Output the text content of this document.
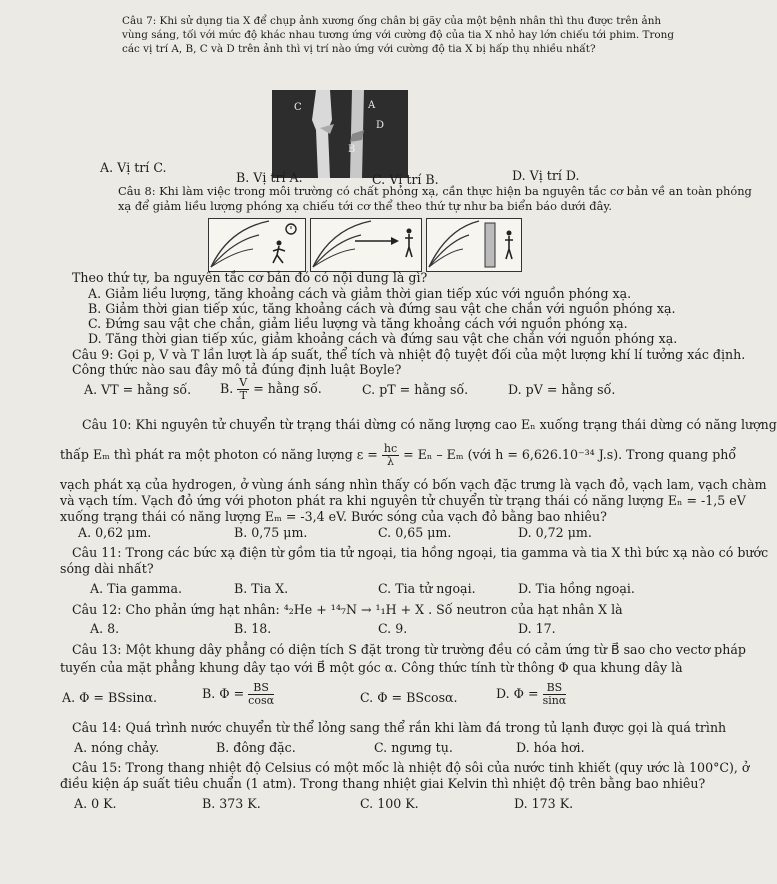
Câu 7: Khi sử dụng tia X để chụp ảnh xương ống chân bị gãy của một bệnh nhân thì thu được trên ảnh
vùng sáng, tối với mức độ khác nhau tương ứng với cường độ của tia X nhỏ hay lớn chiếu tới phim. Trong
các vị trí A, B, C và D trên ảnh thì vị trí nào ứng với cường độ tia X bị hấp thụ nhiều nhất?
C	A
D
B
A. Vị trí C.
B. Vị trí A.	C. Vị trí B.	D. Vị trí D.
Câu 8: Khi làm việc trong môi trường có chất phóng xạ, cần thực hiện ba nguyên tắc cơ bản về an toàn phóng
xạ để giảm liều lượng phóng xạ chiếu tới cơ thể theo thứ tự như ba biển báo dưới đây.
Theo thứ tự, ba nguyên tắc cơ bản đó có nội dung là gì?
A. Giảm liều lượng, tăng khoảng cách và giảm thời gian tiếp xúc với nguồn phóng xạ.
B. Giảm thời gian tiếp xúc, tăng khoảng cách và đứng sau vật che chắn với nguồn phóng xạ.
C. Đứng sau vật che chắn, giảm liều lượng và tăng khoảng cách với nguồn phóng xạ.
D. Tăng thời gian tiếp xúc, giảm khoảng cách và đứng sau vật che chắn với nguồn phóng xạ.
Câu 9: Gọi p, V và T lần lượt là áp suất, thể tích và nhiệt độ tuyệt đối của một lượng khí lí tưởng xác định.
Công thức nào sau đây mô tả đúng định luật Boyle?
A. VT = hằng số. B. $\frac{V}{T}$ = hằng số.	C. pT = hằng số.	D. pV = hằng số.
Câu 10: Khi nguyên tử chuyển từ trạng thái dừng có năng lượng cao Eₙ xuống trạng thái dừng có năng lượng
thấp Eₘ thì phát ra một photon có năng lượng $\varepsilon = \frac{hc}{\lambda} = E_n - E_m$ (với h = 6,626.10⁻³⁴ J.s). Trong quang phổ
vạch phát xạ của hydrogen, ở vùng ánh sáng nhìn thấy có bốn vạch đặc trưng là vạch đỏ, vạch lam, vạch chàm
và vạch tím. Vạch đỏ ứng với photon phát ra khi nguyên tử chuyển từ trạng thái có năng lượng Eₙ = -1,5 eV
xuống trạng thái có năng lượng Eₘ = -3,4 eV. Bước sóng của vạch đỏ bằng bao nhiêu?
A. 0,62 μm.	B. 0,75 μm.	C. 0,65 μm.	D. 0,72 μm.
Câu 11: Trong các bức xạ điện từ gồm tia tử ngoại, tia hồng ngoại, tia gamma và tia X thì bức xạ nào có bước
sóng dài nhất?
A. Tia gamma.	B. Tia X.	C. Tia tử ngoại.	D. Tia hồng ngoại.
Câu 12: Cho phản ứng hạt nhân: ⁴₂He + ¹⁴₇N → ¹₁H + X . Số neutron của hạt nhân X là
A. 8.	B. 18.	C. 9.	D. 17.
Câu 13: Một khung dây phẳng có diện tích S đặt trong từ trường đều có cảm ứng từ B⃗ sao cho vectơ pháp
tuyến của mặt phẳng khung dây tạo với B⃗ một góc α. Công thức tính từ thông Φ qua khung dây là
A. Φ = BSsinα.	B. $\Phi = \frac{BS}{\cos\alpha}$	C. Φ = BScosα.	D. $\Phi = \frac{BS}{\sin\alpha}$
Câu 14: Quá trình nước chuyển từ thể lỏng sang thể rắn khi làm đá trong tủ lạnh được gọi là quá trình
A. nóng chảy.	B. đông đặc.	C. ngưng tụ.	D. hóa hơi.
Câu 15: Trong thang nhiệt độ Celsius có một mốc là nhiệt độ sôi của nước tinh khiết (quy ước là 100°C), ở
điều kiện áp suất tiêu chuẩn (1 atm). Trong thang nhiệt giai Kelvin thì nhiệt độ trên bằng bao nhiêu?
A. 0 K.	B. 373 K.	C. 100 K.	D. 173 K.
